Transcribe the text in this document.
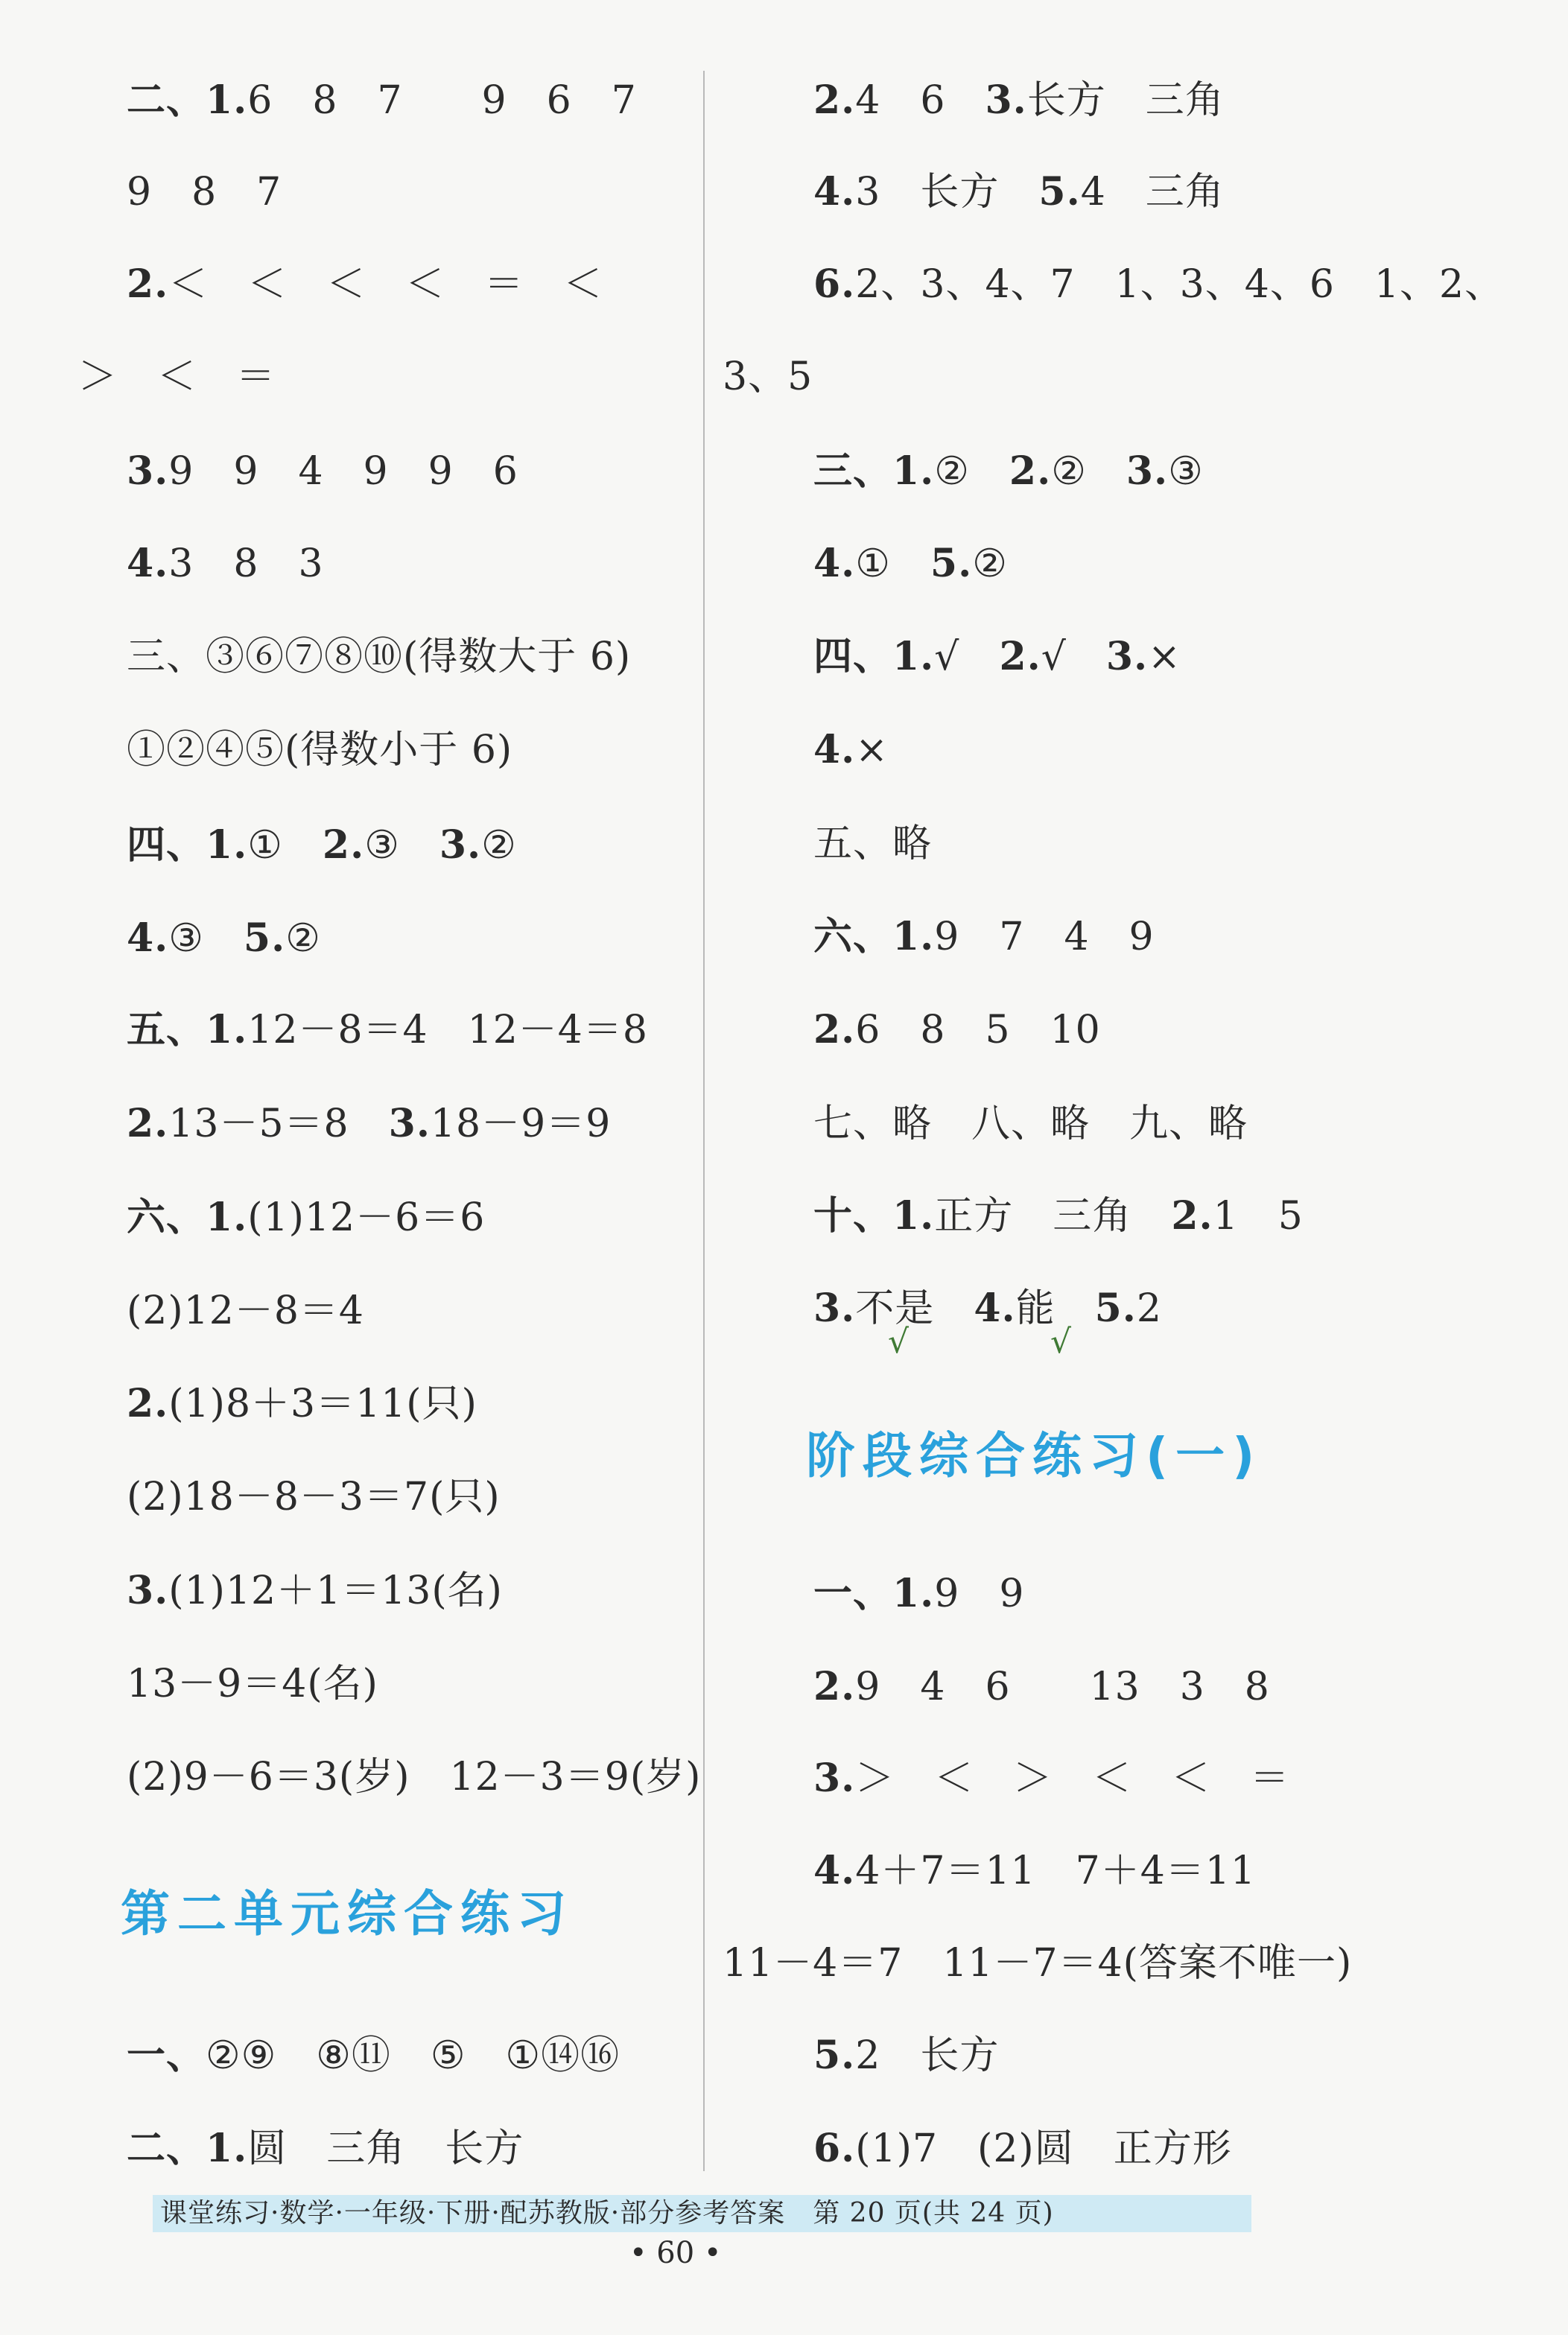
二、1.6　8　7　　9　6　7
9　8　7
2.＜　＜　＜　＜　＝　＜
＞　＜　＝
3.9　9　4　9　9　6
4.3　8　3
三、③⑥⑦⑧⑩(得数大于 6)
①②④⑤(得数小于 6)
四、1.①　2.③　3.②
4.③　5.②
五、1.12－8＝4　12－4＝8
2.13－5＝8　3.18－9＝9
六、1.(1)12－6＝6
(2)12－8＝4
2.(1)8＋3＝11(只)
(2)18－8－3＝7(只)
3.(1)12＋1＝13(名)
13－9＝4(名)
(2)9－6＝3(岁)　12－3＝9(岁)
第二单元综合练习
一、②⑨　⑧⑪　⑤　①⑭⑯
二、1.圆　三角　长方
2.4　6　3.长方　三角
4.3　长方　5.4　三角
6.2、3、4、7　1、3、4、6　1、2、
3、5
三、1.②　2.②　3.③
4.①　5.②
四、1.√　2.√　3.×
4.×
五、略
六、1.9　7　4　9
2.6　8　5　10
七、略　八、略　九、略
十、1.正方　三角　2.1　5
3.不是　4.能　5.2
√	√
阶段综合练习(一)
一、1.9　9
2.9　4　6　　13　3　8
3.＞　＜　＞　＜　＜　＝
4.4＋7＝11　7＋4＝11
11－4＝7　11－7＝4(答案不唯一)
5.2　长方
6.(1)7　(2)圆　正方形
课堂练习·数学·一年级·下册·配苏教版·部分参考答案　第 20 页(共 24 页)
• 60 •
